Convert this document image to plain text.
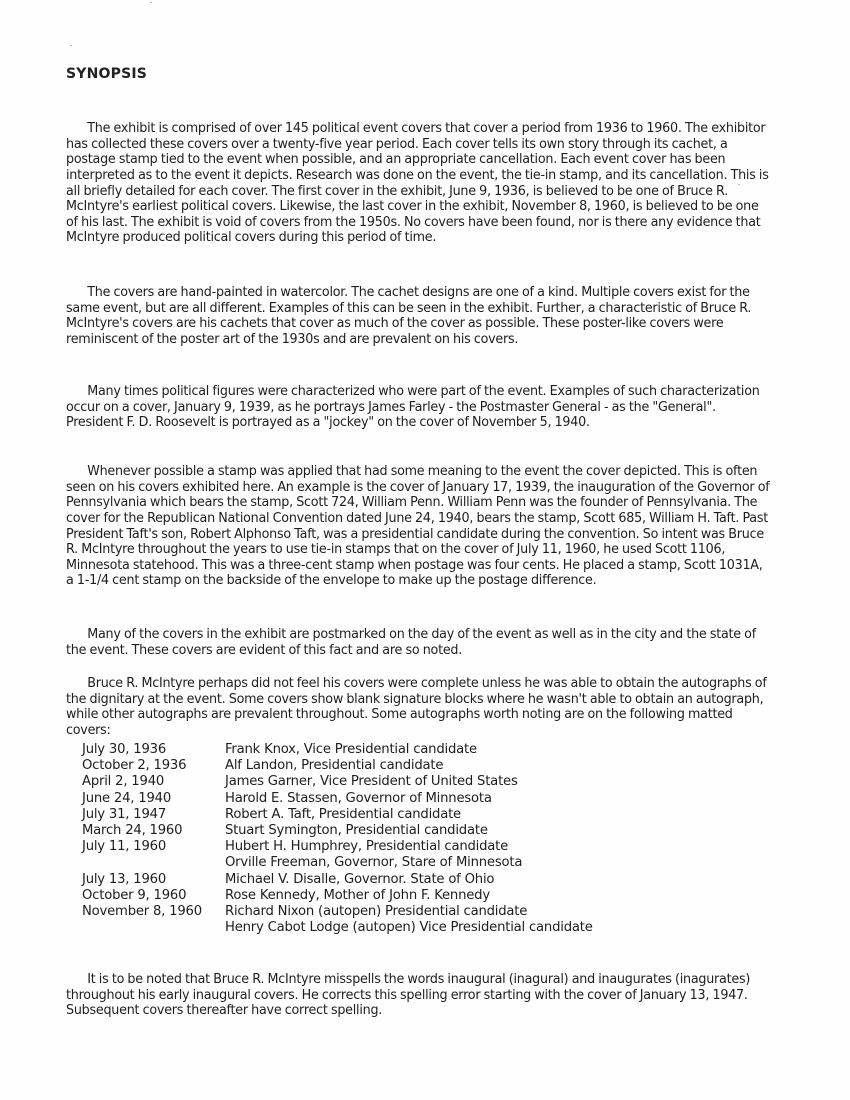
SYNOPSIS

The exhibit is comprised of over 145 political event covers that cover a period from 1936 to 1960. The exhibitor has collected these covers over a twenty-five year period. Each cover tells its own story through its cachet, a postage stamp tied to the event when possible, and an appropriate cancellation. Each event cover has been interpreted as to the event it depicts. Research was done on the event, the tie-in stamp, and its cancellation. This is all briefly detailed for each cover. The first cover in the exhibit, June 9, 1936, is believed to be one of Bruce R. McIntyre's earliest political covers. Likewise, the last cover in the exhibit, November 8, 1960, is believed to be one of his last. The exhibit is void of covers from the 1950s. No covers have been found, nor is there any evidence that McIntyre produced political covers during this period of time.

The covers are hand-painted in watercolor. The cachet designs are one of a kind. Multiple covers exist for the same event, but are all different. Examples of this can be seen in the exhibit. Further, a characteristic of Bruce R. McIntyre's covers are his cachets that cover as much of the cover as possible. These poster-like covers were reminiscent of the poster art of the 1930s and are prevalent on his covers.

Many times political figures were characterized who were part of the event. Examples of such characterization occur on a cover, January 9, 1939, as he portrays James Farley - the Postmaster General - as the "General". President F. D. Roosevelt is portrayed as a "jockey" on the cover of November 5, 1940.

Whenever possible a stamp was applied that had some meaning to the event the cover depicted. This is often seen on his covers exhibited here. An example is the cover of January 17, 1939, the inauguration of the Governor of Pennsylvania which bears the stamp, Scott 724, William Penn. William Penn was the founder of Pennsylvania. The cover for the Republican National Convention dated June 24, 1940, bears the stamp, Scott 685, William H. Taft. Past President Taft's son, Robert Alphonso Taft, was a presidential candidate during the convention. So intent was Bruce R. McIntyre throughout the years to use tie-in stamps that on the cover of July 11, 1960, he used Scott 1106, Minnesota statehood. This was a three-cent stamp when postage was four cents. He placed a stamp, Scott 1031A, a 1-1/4 cent stamp on the backside of the envelope to make up the postage difference.

Many of the covers in the exhibit are postmarked on the day of the event as well as in the city and the state of the event. These covers are evident of this fact and are so noted.

Bruce R. McIntyre perhaps did not feel his covers were complete unless he was able to obtain the autographs of the dignitary at the event. Some covers show blank signature blocks where he wasn't able to obtain an autograph, while other autographs are prevalent throughout. Some autographs worth noting are on the following matted covers:

July 30, 1936	Frank Knox, Vice Presidential candidate
October 2, 1936	Alf Landon, Presidential candidate
April 2, 1940	James Garner, Vice President of United States
June 24, 1940	Harold E. Stassen, Governor of Minnesota
July 31, 1947	Robert A. Taft, Presidential candidate
March 24, 1960	Stuart Symington, Presidential candidate
July 11, 1960	Hubert H. Humphrey, Presidential candidate
Orville Freeman, Governor, Stare of Minnesota
July 13, 1960	Michael V. Disalle, Governor. State of Ohio
October 9, 1960	Rose Kennedy, Mother of John F. Kennedy
November 8, 1960	Richard Nixon (autopen) Presidential candidate
Henry Cabot Lodge (autopen) Vice Presidential candidate

It is to be noted that Bruce R. McIntyre misspells the words inaugural (inagural) and inaugurates (inagurates) throughout his early inaugural covers. He corrects this spelling error starting with the cover of January 13, 1947. Subsequent covers thereafter have correct spelling.
